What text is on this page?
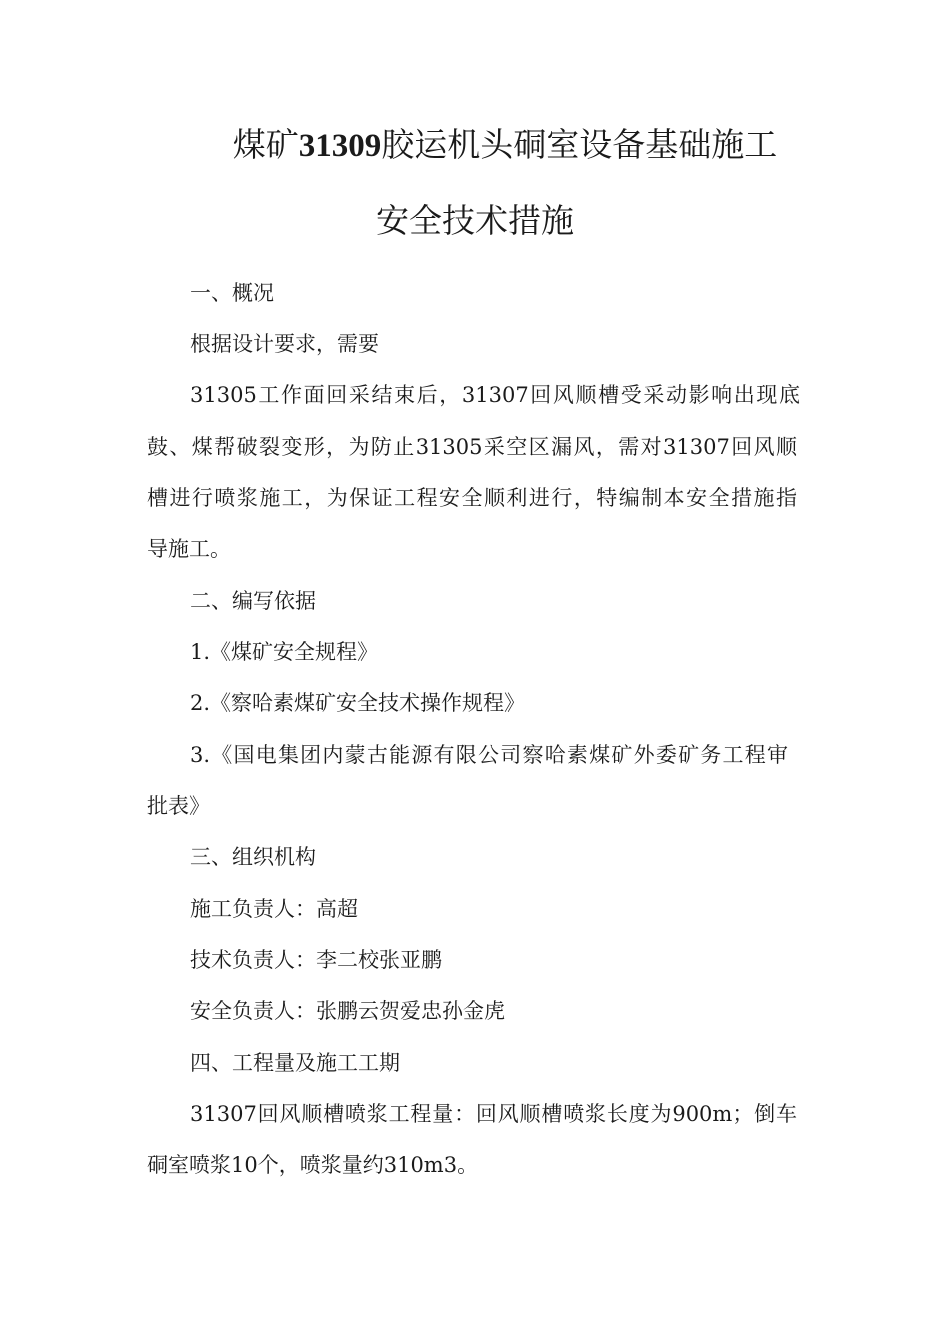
煤矿31309胶运机头硐室设备基础施工
安全技术措施
一、概况
根据设计要求，需要
31305工作面回采结束后，31307回风顺槽受采动影响出现底
鼓、煤帮破裂变形，为防止31305采空区漏风，需对31307回风顺
槽进行喷浆施工，为保证工程安全顺利进行，特编制本安全措施指
导施工。
二、编写依据
1.《煤矿安全规程》
2.《察哈素煤矿安全技术操作规程》
3.《国电集团内蒙古能源有限公司察哈素煤矿外委矿务工程审
批表》
三、组织机构
施工负责人：高超
技术负责人：李二校张亚鹏
安全负责人：张鹏云贺爱忠孙金虎
四、工程量及施工工期
31307回风顺槽喷浆工程量：回风顺槽喷浆长度为900m；倒车
硐室喷浆10个，喷浆量约310m3。
